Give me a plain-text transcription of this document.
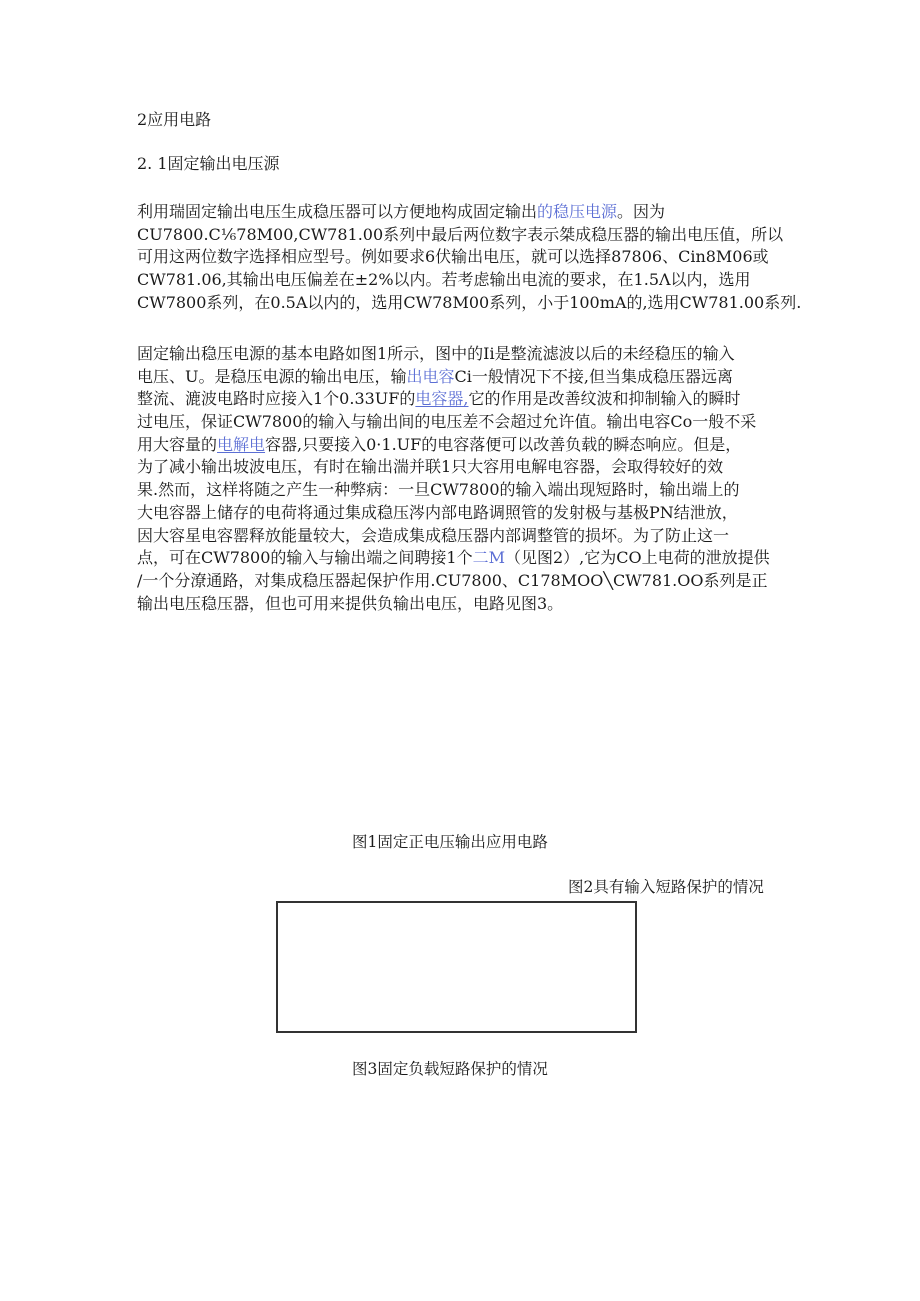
2应用电路
2. 1固定输出电压源
利用瑞固定输出电压生成稳压器可以方便地构成固定输出的稳压电源。因为
CU7800.C⅙78M00,CW781.00系列中最后两位数字表示桀成稳压器的输出电压值，所以
可用这两位数字选择相应型号。例如要求6伏输出电压，就可以选择87806、Cin8M06或
CW781.06,其输出电压偏差在±2%以内。若考虑输出电流的要求，在1.5Λ以内，选用
CW7800系列，在0.5A以内的，选用CW78M00系列，小于100mA的,选用CW781.00系列.
固定输出稳压电源的基本电路如图1所示，图中的Ii是整流滤波以后的未经稳压的输入
电压、U。是稳压电源的输出电压，输出电容Ci一般情况下不接,但当集成稳压器远离
整流、漉波电路时应接入1个0.33UF的电容器,它的作用是改善纹波和抑制输入的瞬时
过电压，保证CW7800的输入与输出间的电压差不会超过允许值。输出电容Co一般不采
用大容量的电解电容器,只要接入0·1.UF的电容落便可以改善负载的瞬态响应。但是，
为了减小输出坡波电压，有时在输出湍并联1只大容用电解电容器，会取得较好的效
果.然而，这样将随之产生一种弊病：一旦CW7800的输入端出现短路时，输出端上的
大电容器上储存的电荷将通过集成稳压涔内部电路调照管的发射极与基极PN结泄放，
因大容星电容罂释放能量较大，会造成集成稳压器内部调整管的损坏。为了防止这一
点，可在CW7800的输入与输出端之间聘接1个二M（见图2）,它为CO上电荷的泄放提供
/一个分潦通路，对集成稳压器起保护作用.CU7800、C178MOO╲CW781.OO系列是正
输出电压稳压器，但也可用来提供负输出电压，电路见图3。
图1固定正电压输出应用电路
图2具有输入短路保护的情况
图3固定负载短路保护的情况
